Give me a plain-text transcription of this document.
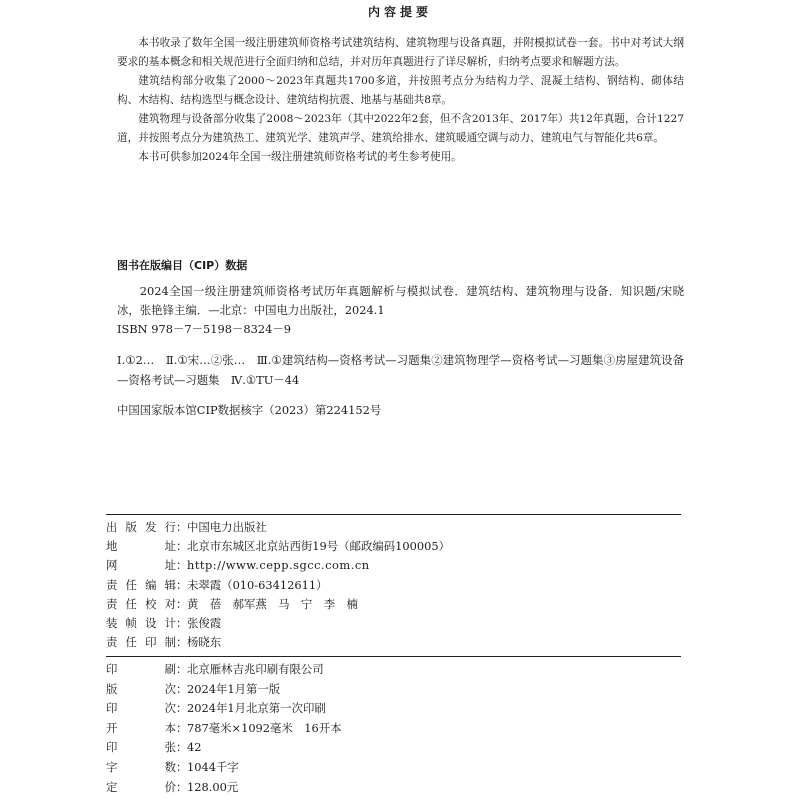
内容提要

本书收录了数年全国一级注册建筑师资格考试建筑结构、建筑物理与设备真题，并附模拟试卷一套。书中对考试大纲要求的基本概念和相关规范进行全面归纳和总结，并对历年真题进行了详尽解析，归纳考点要求和解题方法。

建筑结构部分收集了2000～2023年真题共1700多道，并按照考点分为结构力学、混凝土结构、钢结构、砌体结构、木结构、结构选型与概念设计、建筑结构抗震、地基与基础共8章。

建筑物理与设备部分收集了2008～2023年（其中2022年2套，但不含2013年、2017年）共12年真题，合计1227道，并按照考点分为建筑热工、建筑光学、建筑声学、建筑给排水、建筑暖通空调与动力、建筑电气与智能化共6章。

本书可供参加2024年全国一级注册建筑师资格考试的考生参考使用。

图书在版编目（CIP）数据

2024全国一级注册建筑师资格考试历年真题解析与模拟试卷．建筑结构、建筑物理与设备．知识题/宋晓冰，张艳锋主编．—北京：中国电力出版社，2024.1

ISBN 978－7－5198－8324－9

Ⅰ.①2…　Ⅱ.①宋…②张…　Ⅲ.①建筑结构—资格考试—习题集②建筑物理学—资格考试—习题集③房屋建筑设备—资格考试—习题集　Ⅳ.①TU－44

中国国家版本馆CIP数据核字（2023）第224152号

出版发行 ： 中国电力出版社
地址 ： 北京市东城区北京站西街19号（邮政编码100005）
网址 ： http://www.cepp.sgcc.com.cn
责任编辑 ： 未翠霞（010-63412611）
责任校对 ： 黄　蓓　郝军燕　马　宁　李　楠
装帧设计 ： 张俊霞
责任印制 ： 杨晓东
印刷 ： 北京雁林吉兆印刷有限公司
版次 ： 2024年1月第一版
印次 ： 2024年1月北京第一次印刷
开本 ： 787毫米×1092毫米　16开本
印张 ： 42
字数 ： 1044千字
定价 ： 128.00元
